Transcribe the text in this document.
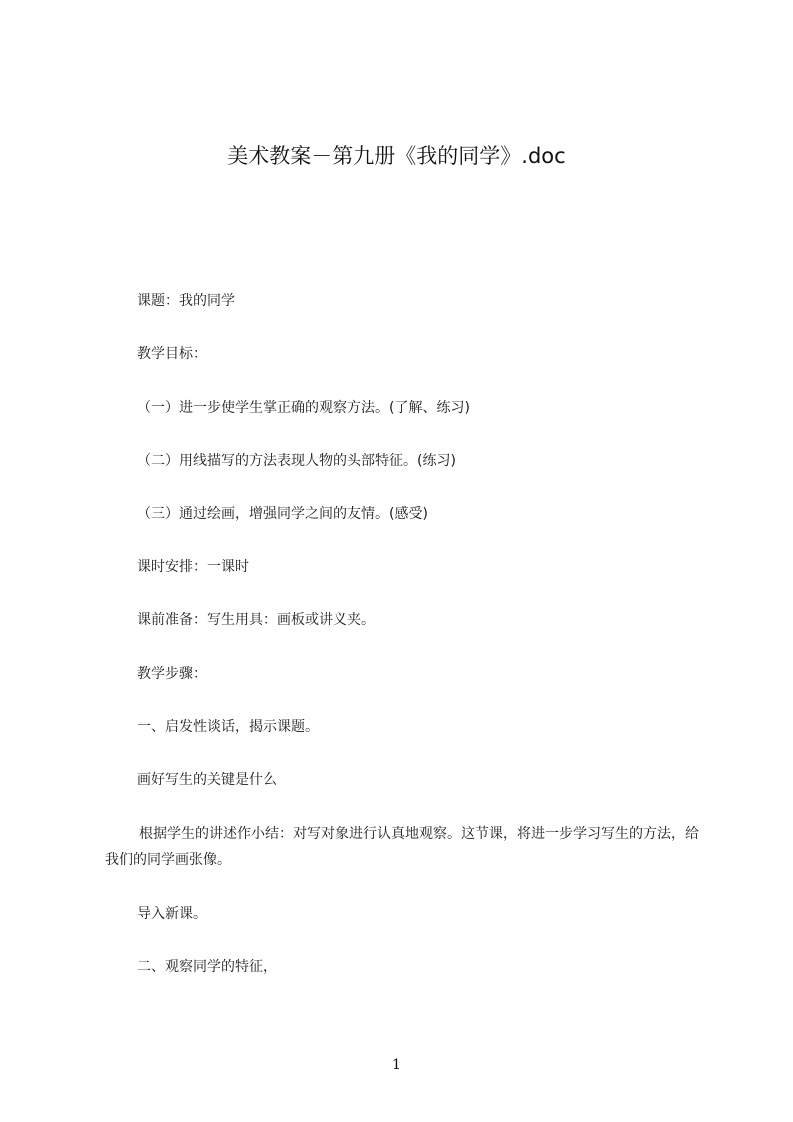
美术教案－第九册《我的同学》.doc
课题：我的同学
教学目标：
（一）进一步使学生掌正确的观察方法。(了解、练习)
（二）用线描写的方法表现人物的头部特征。(练习)
（三）通过绘画，增强同学之间的友情。(感受)
课时安排：一课时
课前准备：写生用具：画板或讲义夹。
教学步骤：
一、启发性谈话，揭示课题。
画好写生的关键是什么
根据学生的讲述作小结：对写对象进行认真地观察。这节课，将进一步学习写生的方法，给我们的同学画张像。
导入新课。
二、观察同学的特征，
1
